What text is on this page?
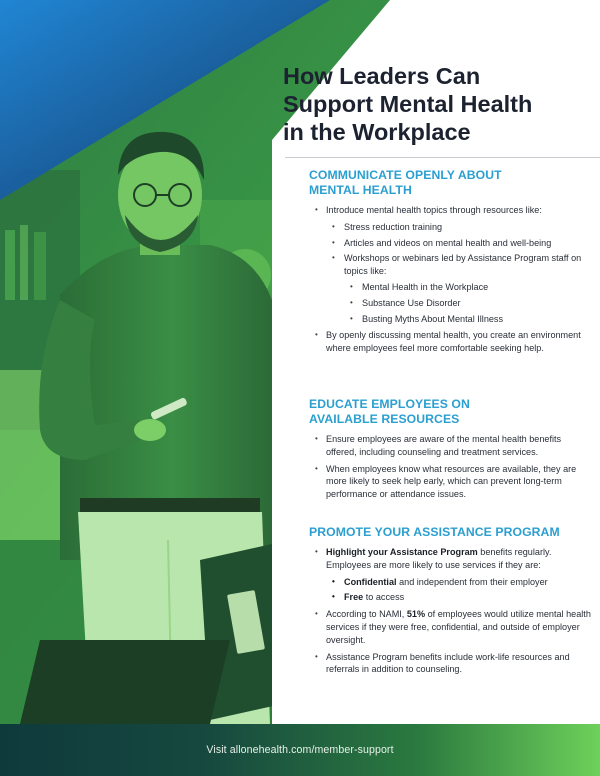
How Leaders Can
Support Mental Health
in the Workplace
COMMUNICATE OPENLY ABOUT
MENTAL HEALTH
• Introduce mental health topics through resources like:
• Stress reduction training
• Articles and videos on mental health and well-being
• Workshops or webinars led by Assistance Program staff on topics like:
• Mental Health in the Workplace
• Substance Use Disorder
• Busting Myths About Mental Illness
• By openly discussing mental health, you create an environment where employees feel more comfortable seeking help.
EDUCATE EMPLOYEES ON
AVAILABLE RESOURCES
• Ensure employees are aware of the mental health benefits offered, including counseling and treatment services.
• When employees know what resources are available, they are more likely to seek help early, which can prevent long-term performance or attendance issues.
PROMOTE YOUR ASSISTANCE PROGRAM
• Highlight your Assistance Program benefits regularly. Employees are more likely to use services if they are:
• Confidential and independent from their employer
• Free to access
• According to NAMI, 51% of employees would utilize mental health services if they were free, confidential, and outside of employer oversight.
• Assistance Program benefits include work-life resources and referrals in addition to counseling.
Visit allonehealth.com/member-support
